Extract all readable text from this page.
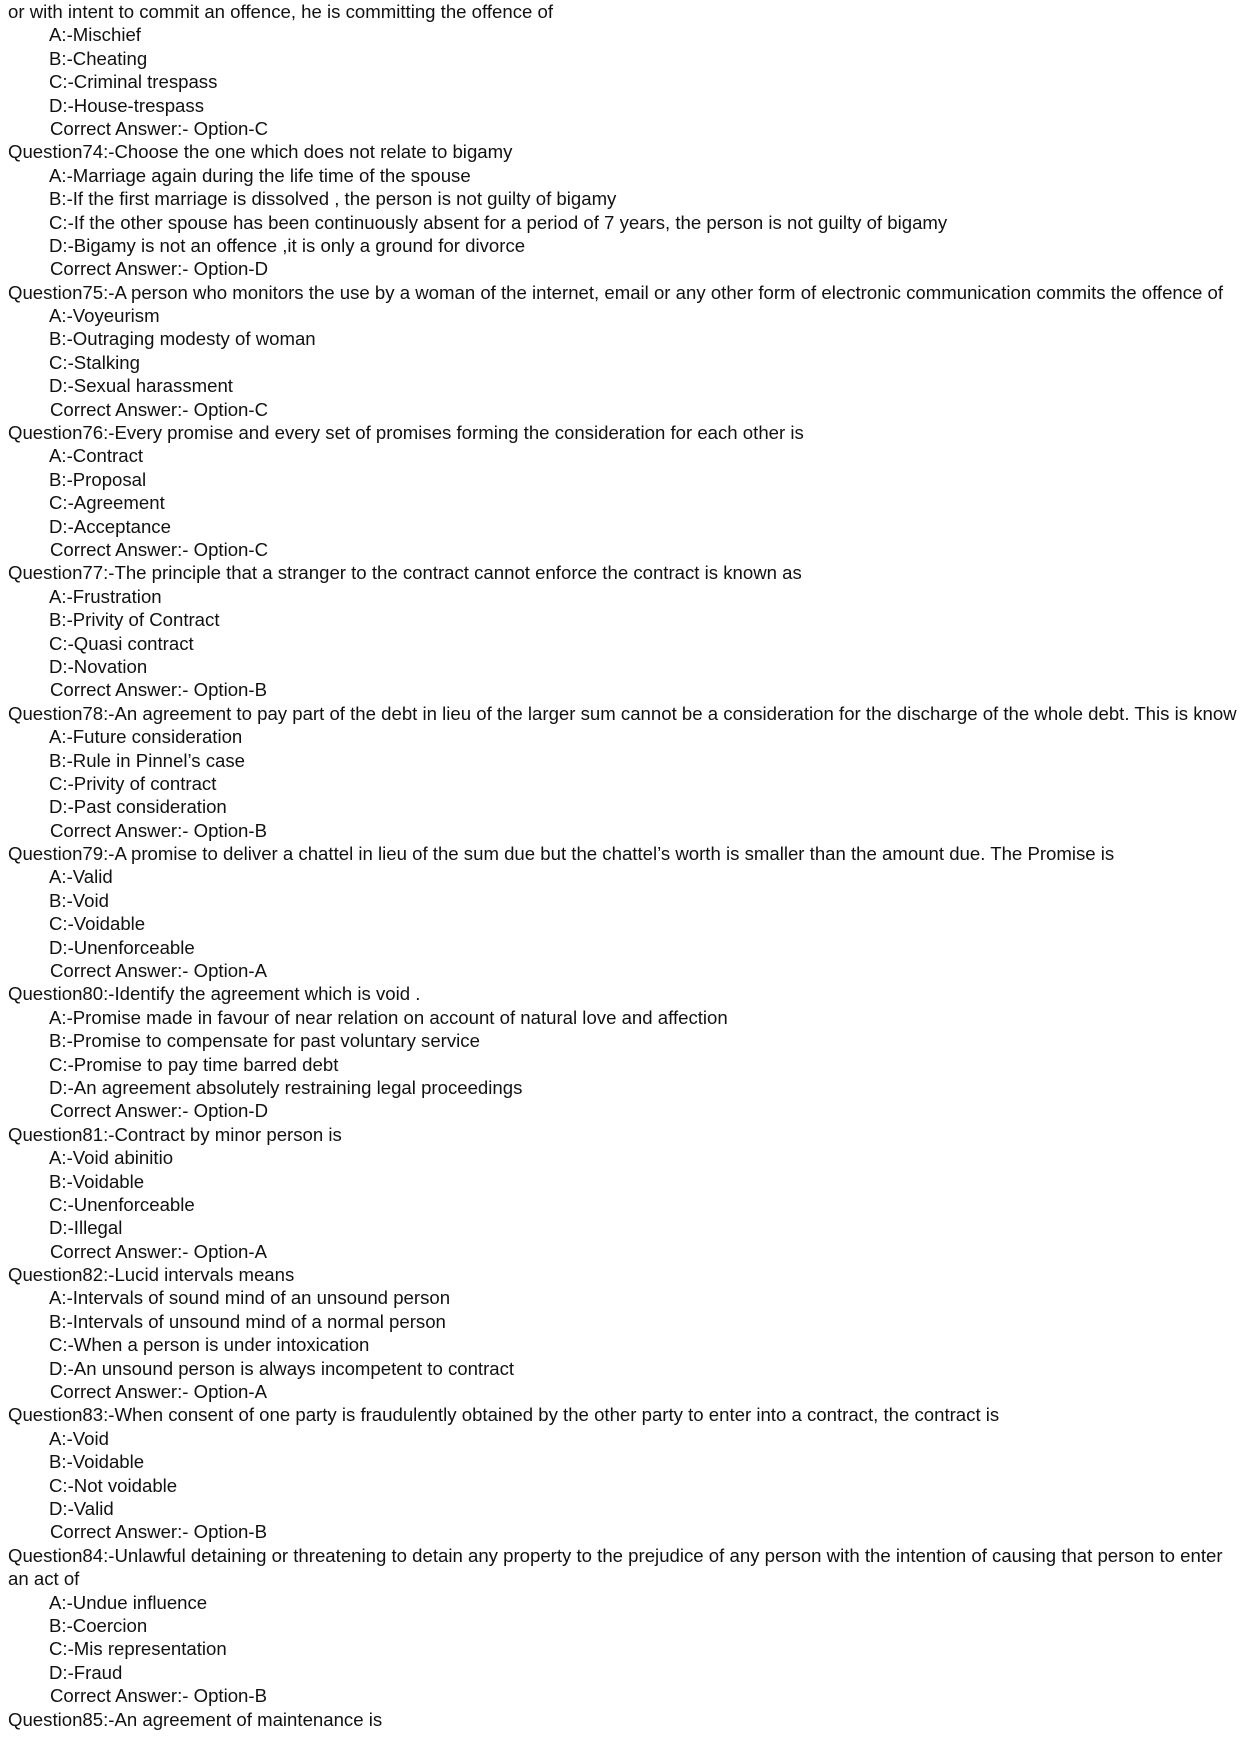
or with intent to commit an offence, he is committing the offence of
A:-Mischief
B:-Cheating
C:-Criminal trespass
D:-House-trespass
Correct Answer:- Option-C
Question74:-Choose the one which does not relate to bigamy
A:-Marriage again during the life time of the spouse
B:-If the first marriage is dissolved , the person is not guilty of bigamy
C:-If the other spouse has been continuously absent for a period of 7 years, the person is not guilty of bigamy
D:-Bigamy is not an offence ,it is only a ground for divorce
Correct Answer:- Option-D
Question75:-A person who monitors the use by a woman of the internet, email or any other form of electronic communication commits the offence of
A:-Voyeurism
B:-Outraging modesty of woman
C:-Stalking
D:-Sexual harassment
Correct Answer:- Option-C
Question76:-Every promise and every set of promises forming the consideration for each other is
A:-Contract
B:-Proposal
C:-Agreement
D:-Acceptance
Correct Answer:- Option-C
Question77:-The principle that a stranger to the contract cannot enforce the contract is known as
A:-Frustration
B:-Privity of Contract
C:-Quasi contract
D:-Novation
Correct Answer:- Option-B
Question78:-An agreement to pay part of the debt in lieu of the larger sum cannot be a consideration for the discharge of the whole debt. This is know
A:-Future consideration
B:-Rule in Pinnel’s case
C:-Privity of contract
D:-Past consideration
Correct Answer:- Option-B
Question79:-A promise to deliver a chattel in lieu of the sum due but the chattel’s worth is smaller than the amount due. The Promise is
A:-Valid
B:-Void
C:-Voidable
D:-Unenforceable
Correct Answer:- Option-A
Question80:-Identify the agreement which is void .
A:-Promise made in favour of near relation on account of natural love and affection
B:-Promise to compensate for past voluntary service
C:-Promise to pay time barred debt
D:-An agreement absolutely restraining legal proceedings
Correct Answer:- Option-D
Question81:-Contract by minor person is
A:-Void abinitio
B:-Voidable
C:-Unenforceable
D:-Illegal
Correct Answer:- Option-A
Question82:-Lucid intervals means
A:-Intervals of sound mind of an unsound person
B:-Intervals of unsound mind of a normal person
C:-When a person is under intoxication
D:-An unsound person is always incompetent to contract
Correct Answer:- Option-A
Question83:-When consent of one party is fraudulently obtained by the other party to enter into a contract, the contract is
A:-Void
B:-Voidable
C:-Not voidable
D:-Valid
Correct Answer:- Option-B
Question84:-Unlawful detaining or threatening to detain any property to the prejudice of any person with the intention of causing that person to enter
an act of
A:-Undue influence
B:-Coercion
C:-Mis representation
D:-Fraud
Correct Answer:- Option-B
Question85:-An agreement of maintenance is
